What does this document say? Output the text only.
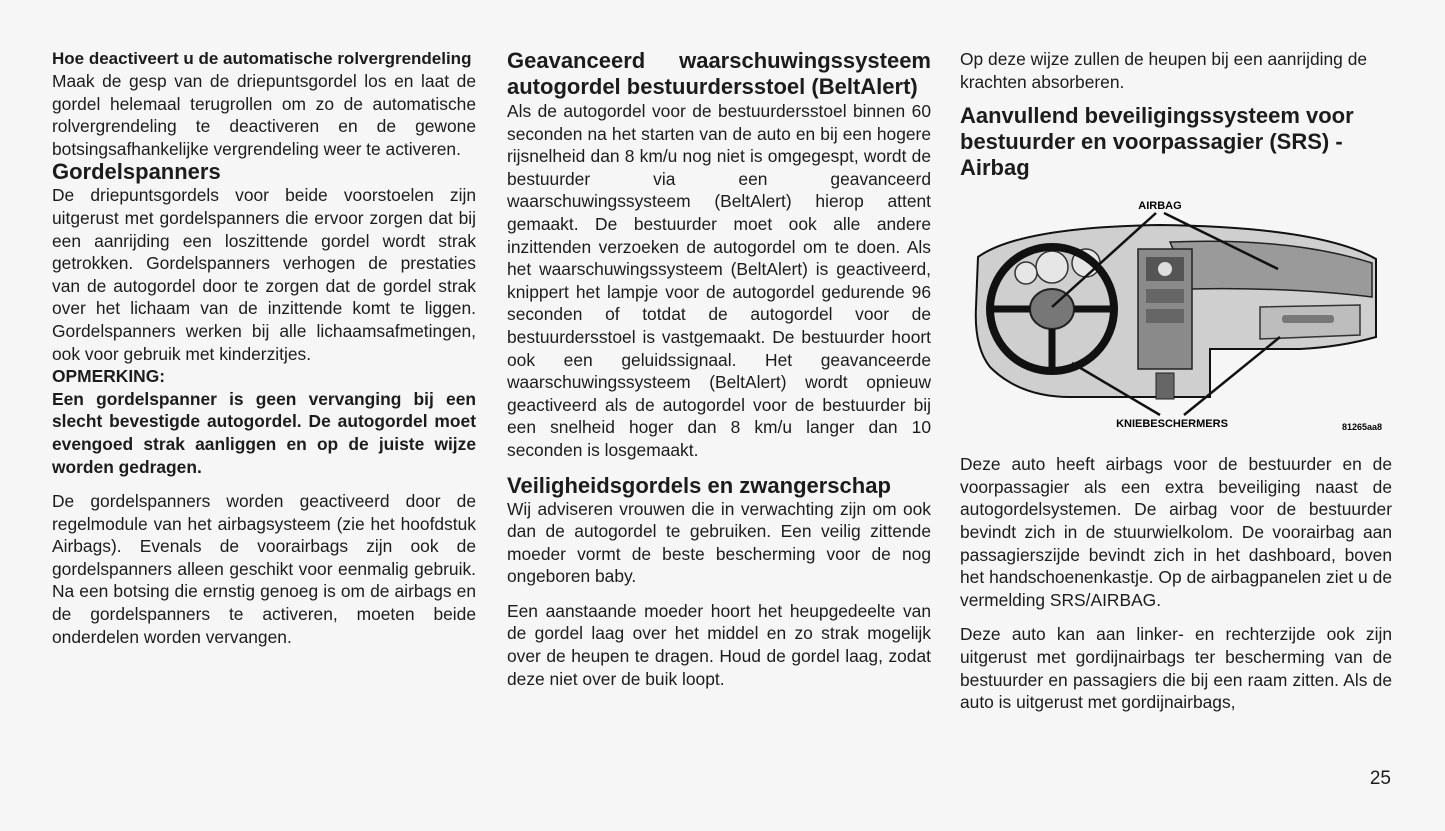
Hoe deactiveert u de automatische rolvergrendeling

Maak de gesp van de driepuntsgordel los en laat de gordel helemaal terugrollen om zo de automatische rolvergrendeling te deactiveren en de gewone botsingsafhankelijke vergrendeling weer te activeren.

Gordelspanners

De driepuntsgordels voor beide voorstoelen zijn uitgerust met gordelspanners die ervoor zorgen dat bij een aanrijding een loszittende gordel wordt strak getrokken. Gordelspanners verhogen de prestaties van de autogordel door te zorgen dat de gordel strak over het lichaam van de inzittende komt te liggen. Gordelspanners werken bij alle lichaamsafmetingen, ook voor gebruik met kinderzitjes.

OPMERKING:

Een gordelspanner is geen vervanging bij een slecht bevestigde autogordel. De autogordel moet evengoed strak aanliggen en op de juiste wijze worden gedragen.

De gordelspanners worden geactiveerd door de regelmodule van het airbagsysteem (zie het hoofdstuk Airbags). Evenals de voorairbags zijn ook de gordelspanners alleen geschikt voor eenmalig gebruik. Na een botsing die ernstig genoeg is om de airbags en de gordelspanners te activeren, moeten beide onderdelen worden vervangen.

Geavanceerd waarschuwingssysteem autogordel bestuurdersstoel (BeltAlert)

Als de autogordel voor de bestuurdersstoel binnen 60 seconden na het starten van de auto en bij een hogere rijsnelheid dan 8 km/u nog niet is omgegespt, wordt de bestuurder via een geavanceerd waarschuwingssysteem (BeltAlert) hierop attent gemaakt. De bestuurder moet ook alle andere inzittenden verzoeken de autogordel om te doen. Als het waarschuwingssysteem (BeltAlert) is geactiveerd, knippert het lampje voor de autogordel gedurende 96 seconden of totdat de autogordel voor de bestuurdersstoel is vastgemaakt. De bestuurder hoort ook een geluidssignaal. Het geavanceerde waarschuwingssysteem (BeltAlert) wordt opnieuw geactiveerd als de autogordel voor de bestuurder bij een snelheid hoger dan 8 km/u langer dan 10 seconden is losgemaakt.

Veiligheidsgordels en zwangerschap

Wij adviseren vrouwen die in verwachting zijn om ook dan de autogordel te gebruiken. Een veilig zittende moeder vormt de beste bescherming voor de nog ongeboren baby.

Een aanstaande moeder hoort het heupgedeelte van de gordel laag over het middel en zo strak mogelijk over de heupen te dragen. Houd de gordel laag, zodat deze niet over de buik loopt.

Op deze wijze zullen de heupen bij een aanrijding de krachten absorberen.

Aanvullend beveiligingssysteem voor bestuurder en voorpassagier (SRS) - Airbag

AIRBAG
KNIEBESCHERMERS	81265aa8

Deze auto heeft airbags voor de bestuurder en de voorpassagier als een extra beveiliging naast de autogordelsystemen. De airbag voor de bestuurder bevindt zich in de stuurwielkolom. De voorairbag aan passagierszijde bevindt zich in het dashboard, boven het handschoenenkastje. Op de airbagpanelen ziet u de vermelding SRS/AIRBAG.

Deze auto kan aan linker- en rechterzijde ook zijn uitgerust met gordijnairbags ter bescherming van de bestuurder en passagiers die bij een raam zitten. Als de auto is uitgerust met gordijnairbags,

25
